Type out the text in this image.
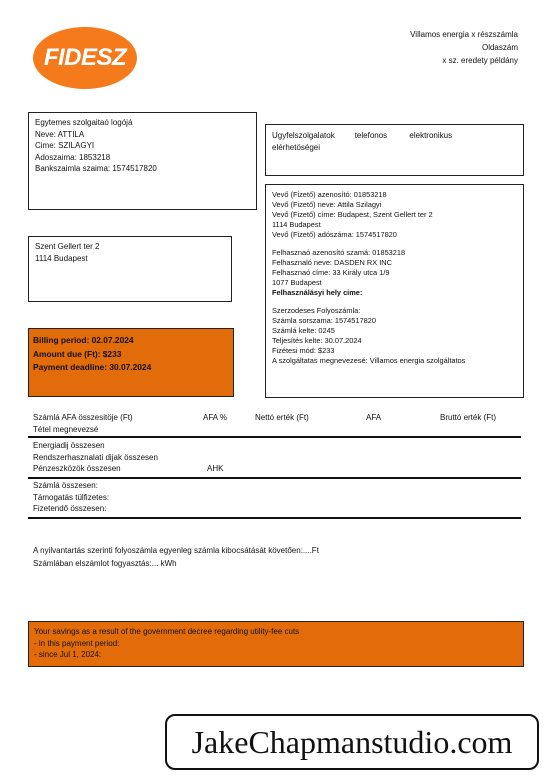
FIDESZ
Villamos energia x részszámla
Oldaszám
x sz. eredety példány
Egytemes szolgaitaó logójá
Neve: ATTILA
Cime: SZILAGYI
Adoszaima: 1853218
Bankszaimla szaima: 1574517820
Ugyfelszolgalatok         telefonos          elektronikus
elérhetöségei
Szent Gellert ter 2
1114 Budapest
Vevő (Fizető) azenosító: 01853218
Vevő (Fizető) neve: Attila Szilagyi
Vevő (Fizető) címe: Budapest, Szent Gellert ter 2
1114 Budapest
Vevő (Fizető) adószáma: 1574517820
Felhasznaó azenosító szamá: 01853218
Felhasznaló neve: DASDEN RX INC
Felhasznaó címe: 33 Király utca 1/9
1077 Budapest
Felhasználásyi hely cime:
Szerzodeses Folyoszámla:
Számla sorszama: 1574517820
Számlá kelte: 0245
Teljesítés kelte: 30.07.2024
Fizétesi mód: $233
A szolgáltatas megnevezesé: Villamos energia szolgáltatos
Billing period: 02.07.2024
Amount due (Ft): $233
Payment deadline: 30.07.2024
Számlá AFA összesitöje (Ft)	AFA %	Nettó erték (Ft)	AFA	Bruttó erték (Ft)
Tétel megnevezsé
Energiadij összesen
Rendszerhasznalati dijak összesen
Pénzeszközök összesen	AHK
Számlá összesen:
Támogatás tülfizetes:
Fizetendő összesen:
A nyilvantartás szerinti folyoszámla egyenleg számla kibocsátását követően:....Ft
Számlában elszámlot fogyasztás:... kWh
Your savings as a result of the government decree regarding utility-fee cuts
- in this payment period:
- since Jul 1, 2024:
JakeChapmanstudio.com
